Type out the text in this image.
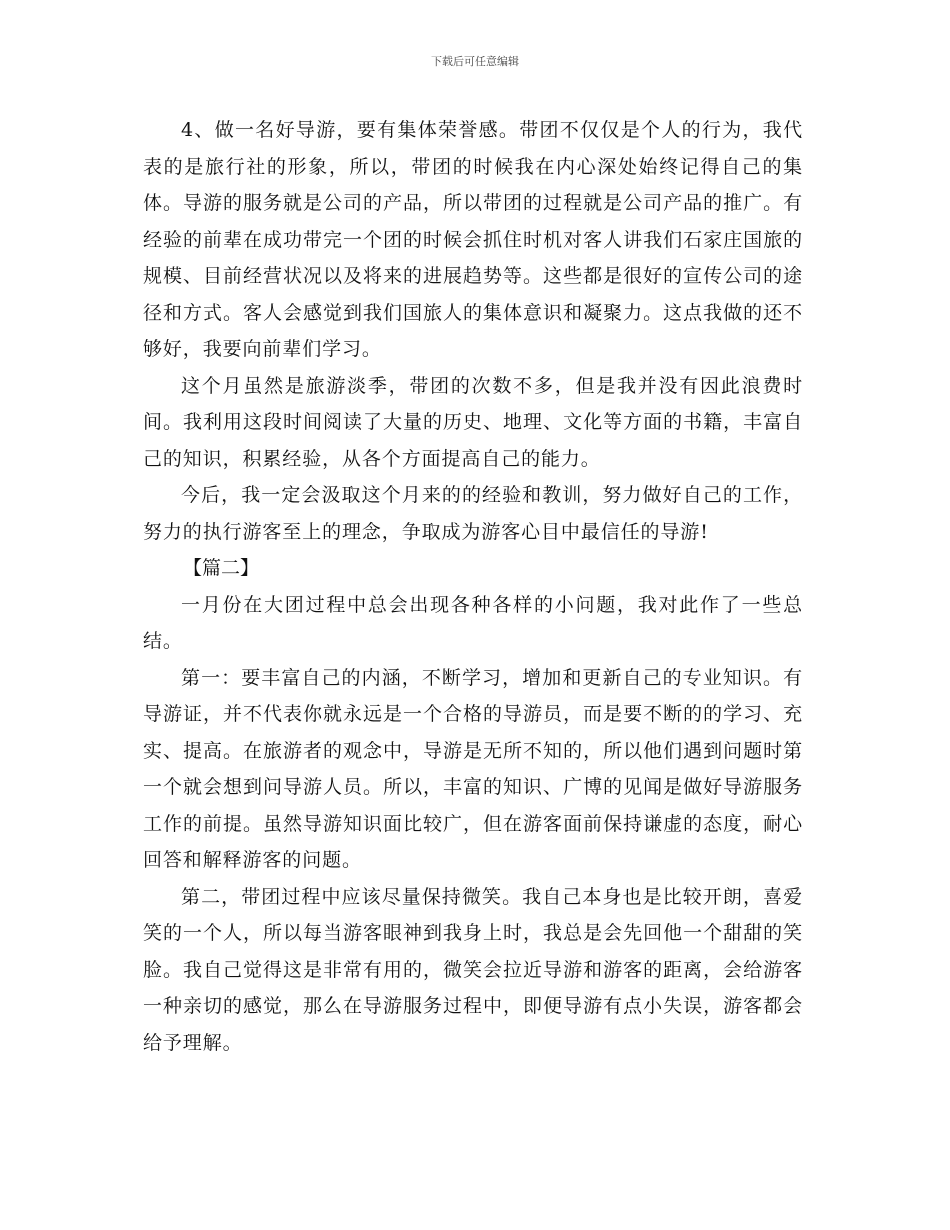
下载后可任意编辑

4、做一名好导游，要有集体荣誉感。带团不仅仅是个人的行为，我代表的是旅行社的形象，所以，带团的时候我在内心深处始终记得自己的集体。导游的服务就是公司的产品，所以带团的过程就是公司产品的推广。有经验的前辈在成功带完一个团的时候会抓住时机对客人讲我们石家庄国旅的规模、目前经营状况以及将来的进展趋势等。这些都是很好的宣传公司的途径和方式。客人会感觉到我们国旅人的集体意识和凝聚力。这点我做的还不够好，我要向前辈们学习。

这个月虽然是旅游淡季，带团的次数不多，但是我并没有因此浪费时间。我利用这段时间阅读了大量的历史、地理、文化等方面的书籍，丰富自己的知识，积累经验，从各个方面提高自己的能力。

今后，我一定会汲取这个月来的的经验和教训，努力做好自己的工作，努力的执行游客至上的理念，争取成为游客心目中最信任的导游!

【篇二】

一月份在大团过程中总会出现各种各样的小问题，我对此作了一些总结。

第一：要丰富自己的内涵，不断学习，增加和更新自己的专业知识。有导游证，并不代表你就永远是一个合格的导游员，而是要不断的的学习、充实、提高。在旅游者的观念中，导游是无所不知的，所以他们遇到问题时第一个就会想到问导游人员。所以，丰富的知识、广博的见闻是做好导游服务工作的前提。虽然导游知识面比较广，但在游客面前保持谦虚的态度，耐心回答和解释游客的问题。

第二，带团过程中应该尽量保持微笑。我自己本身也是比较开朗，喜爱笑的一个人，所以每当游客眼神到我身上时，我总是会先回他一个甜甜的笑脸。我自己觉得这是非常有用的，微笑会拉近导游和游客的距离，会给游客一种亲切的感觉，那么在导游服务过程中，即便导游有点小失误，游客都会给予理解。
